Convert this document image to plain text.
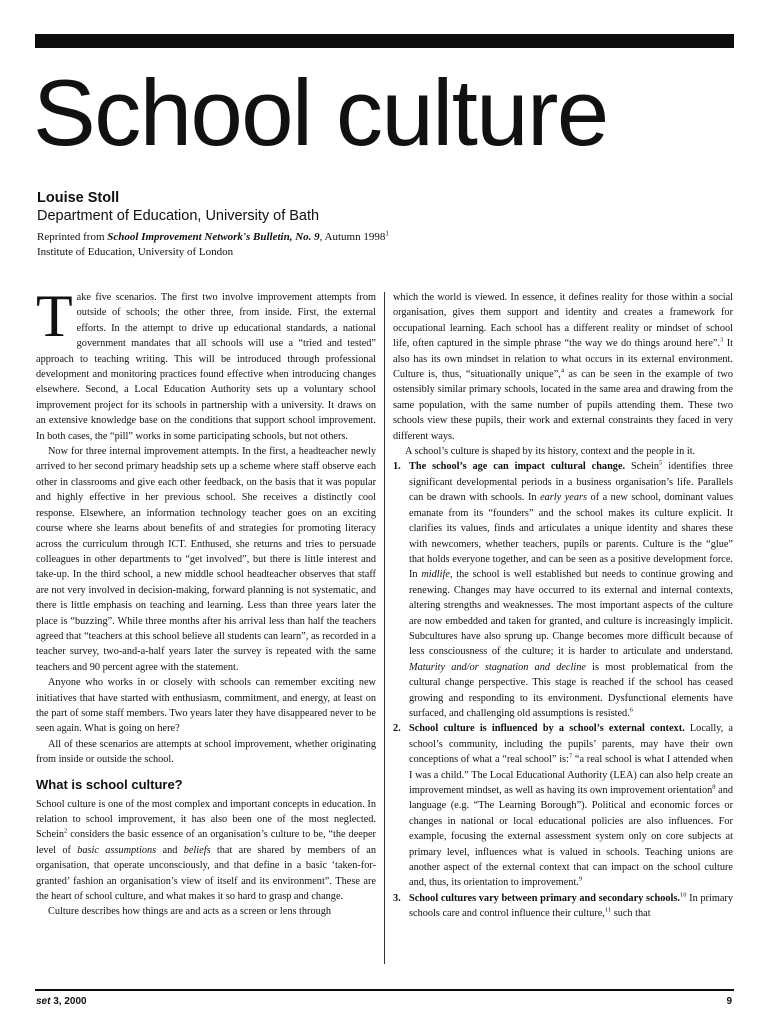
School culture
Louise Stoll
Department of Education, University of Bath
Reprinted from School Improvement Network's Bulletin, No. 9, Autumn 1998$^1$
Institute of Education, University of London

Take five scenarios. The first two involve improvement attempts from outside of schools; the other three, from inside. First, the external efforts. In the attempt to drive up educational standards, a national government mandates that all schools will use a “tried and tested” approach to teaching writing. This will be introduced through professional development and monitoring practices found effective when introducing changes elsewhere. Second, a Local Education Authority sets up a voluntary school improvement project for its schools in partnership with a university. It draws on an extensive knowledge base on the conditions that support school improvement. In both cases, the “pill” works in some participating schools, but not others.

Now for three internal improvement attempts. In the first, a headteacher newly arrived to her second primary headship sets up a scheme where staff observe each other in classrooms and give each other feedback, on the basis that it was popular and highly effective in her previous school. She receives a distinctly cool response. Elsewhere, an information technology teacher goes on an exciting course where she learns about benefits of and strategies for promoting literacy across the curriculum through ICT. Enthused, she returns and tries to persuade colleagues in other departments to “get involved”, but there is little interest and take-up. In the third school, a new middle school headteacher observes that staff are not very involved in decision-making, forward planning is not systematic, and there is little emphasis on teaching and learning. Less than three years later the place is “buzzing”. While three months after his arrival less than half the teachers agreed that “teachers at this school believe all students can learn”, as recorded in a teacher survey, two-and-a-half years later the survey is repeated with the same teachers and 90 percent agree with the statement.

Anyone who works in or closely with schools can remember exciting new initiatives that have started with enthusiasm, commitment, and energy, at least on the part of some staff members. Two years later they have disappeared never to be seen again. What is going on here?

All of these scenarios are attempts at school improvement, whether originating from inside or outside the school.

What is school culture?

School culture is one of the most complex and important concepts in education. In relation to school improvement, it has also been one of the most neglected. Schein$^2$ considers the basic essence of an organisation’s culture to be, “the deeper level of basic assumptions and beliefs that are shared by members of an organisation, that operate unconsciously, and that define in a basic ‘taken-for-granted’ fashion an organisation’s view of itself and its environment”. These are the heart of school culture, and what makes it so hard to grasp and change.

Culture describes how things are and acts as a screen or lens through

which the world is viewed. In essence, it defines reality for those within a social organisation, gives them support and identity and creates a framework for occupational learning. Each school has a different reality or mindset of school life, often captured in the simple phrase “the way we do things around here”.$^3$ It also has its own mindset in relation to what occurs in its external environment. Culture is, thus, “situationally unique”,$^4$ as can be seen in the example of two ostensibly similar primary schools, located in the same area and drawing from the same population, with the same number of pupils attending them. These two schools view these pupils, their work and external constraints they faced in very different ways.

A school’s culture is shaped by its history, context and the people in it.

1. The school’s age can impact cultural change. Schein$^5$ identifies three significant developmental periods in a business organisation’s life. Parallels can be drawn with schools. In early years of a new school, dominant values emanate from its “founders” and the school makes its culture explicit. It clarifies its values, finds and articulates a unique identity and shares these with newcomers, whether teachers, pupils or parents. Culture is the “glue” that holds everyone together, and can be seen as a positive development force. In midlife, the school is well established but needs to continue growing and renewing. Changes may have occurred to its external and internal contexts, altering strengths and weaknesses. The most important aspects of the culture are now embedded and taken for granted, and culture is increasingly implicit. Subcultures have also sprung up. Change becomes more difficult because of less consciousness of the culture; it is harder to articulate and understand. Maturity and/or stagnation and decline is most problematical from the cultural change perspective. This stage is reached if the school has ceased growing and responding to its environment. Dysfunctional elements have surfaced, and challenging old assumptions is resisted.$^6$
2. School culture is influenced by a school’s external context. Locally, a school’s community, including the pupils’ parents, may have their own conceptions of what a “real school” is:$^7$ “a real school is what I attended when I was a child.” The Local Educational Authority (LEA) can also help create an improvement mindset, as well as having its own improvement orientation$^8$ and language (e.g. “The Learning Borough”). Political and economic forces or changes in national or local educational policies are also influences. For example, focusing the external assessment system only on core subjects at primary level, influences what is valued in schools. Teaching unions are another aspect of the external context that can impact on the school culture and, thus, its orientation to improvement.$^9$
3. School cultures vary between primary and secondary schools.$^{10}$ In primary schools care and control influence their culture,$^{11}$ such that
set 3, 2000	9
